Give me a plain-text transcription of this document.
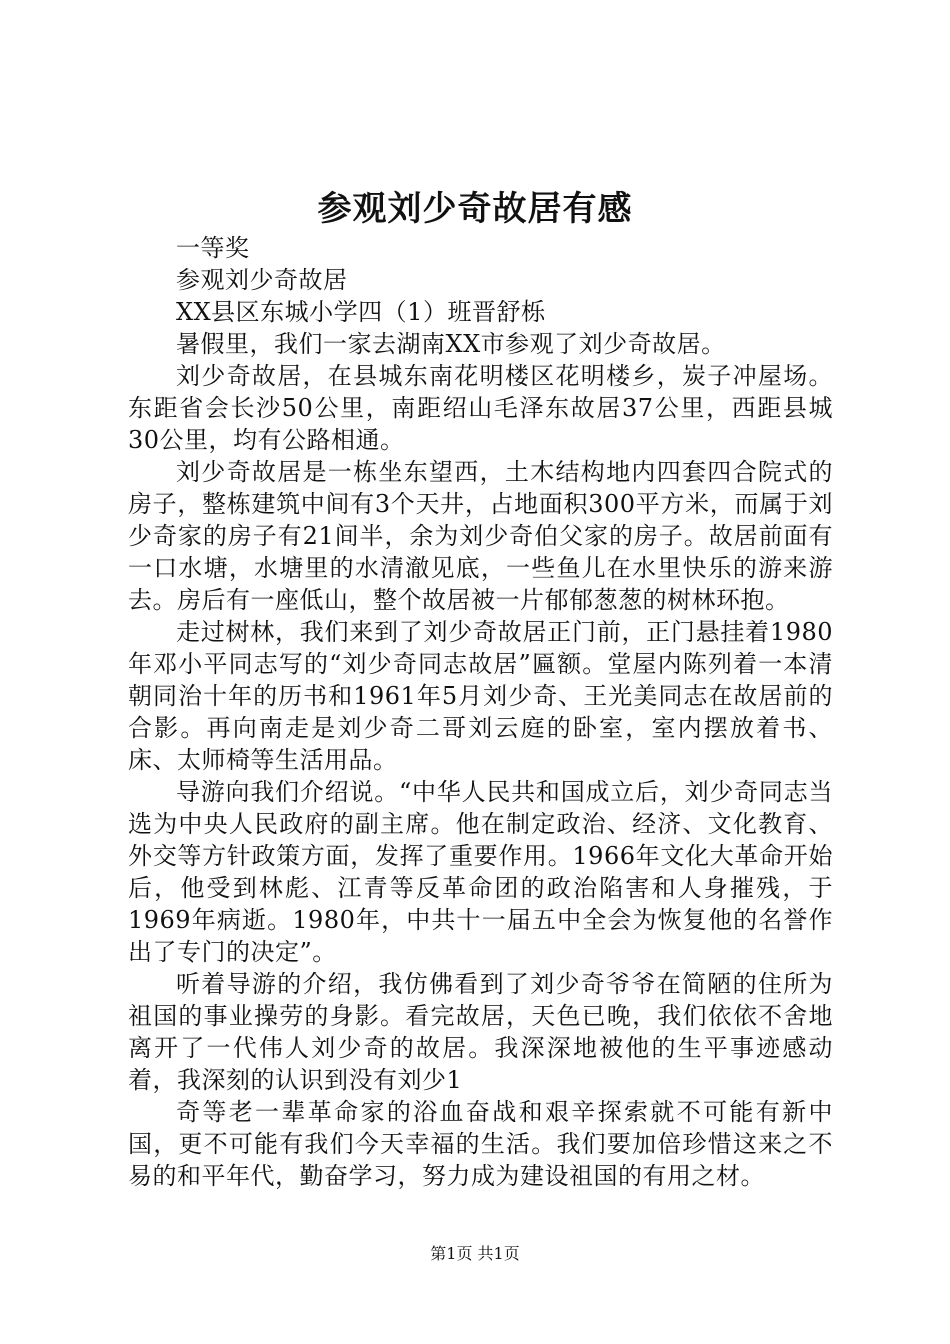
参观刘少奇故居有感

一等奖

参观刘少奇故居

XX县区东城小学四（1）班晋舒栎

暑假里，我们一家去湖南XX市参观了刘少奇故居。

刘少奇故居，在县城东南花明楼区花明楼乡，炭子冲屋场。东距省会长沙50公里，南距绍山毛泽东故居37公里，西距县城30公里，均有公路相通。

刘少奇故居是一栋坐东望西，土木结构地内四套四合院式的房子，整栋建筑中间有3个天井，占地面积300平方米，而属于刘少奇家的房子有21间半，余为刘少奇伯父家的房子。故居前面有一口水塘，水塘里的水清澈见底，一些鱼儿在水里快乐的游来游去。房后有一座低山，整个故居被一片郁郁葱葱的树林环抱。

走过树林，我们来到了刘少奇故居正门前，正门悬挂着1980年邓小平同志写的“刘少奇同志故居”匾额。堂屋内陈列着一本清朝同治十年的历书和1961年5月刘少奇、王光美同志在故居前的合影。再向南走是刘少奇二哥刘云庭的卧室，室内摆放着书、床、太师椅等生活用品。

导游向我们介绍说。“中华人民共和国成立后，刘少奇同志当选为中央人民政府的副主席。他在制定政治、经济、文化教育、外交等方针政策方面，发挥了重要作用。1966年文化大革命开始后，他受到林彪、江青等反革命团的政治陷害和人身摧残，于1969年病逝。1980年，中共十一届五中全会为恢复他的名誉作出了专门的决定”。

听着导游的介绍，我仿佛看到了刘少奇爷爷在简陋的住所为祖国的事业操劳的身影。看完故居，天色已晚，我们依依不舍地离开了一代伟人刘少奇的故居。我深深地被他的生平事迹感动着，我深刻的认识到没有刘少1

奇等老一辈革命家的浴血奋战和艰辛探索就不可能有新中国，更不可能有我们今天幸福的生活。我们要加倍珍惜这来之不易的和平年代，勤奋学习，努力成为建设祖国的有用之材。

第1页 共1页
